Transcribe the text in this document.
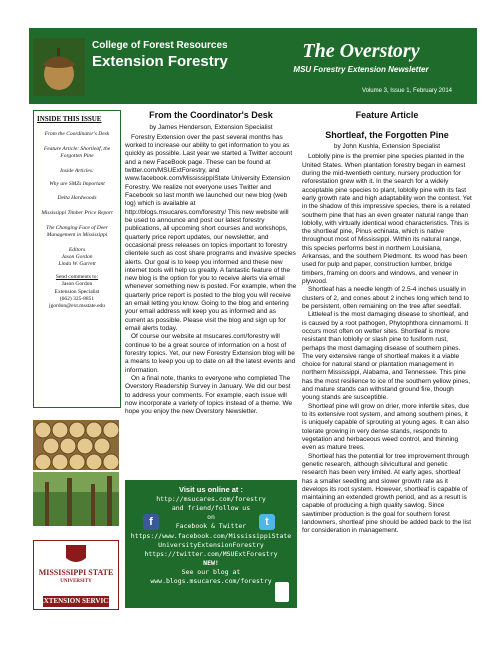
College of Forest Resources
Extension Forestry	The Overstory
MSU Forestry Extension Newsletter
Volume 3, Issue 1, February 2014
INSIDE THIS ISSUE
From the Coordinator's Desk
Feature Article: Shortleaf, the Forgotten Pine
Inside Articles:
Why are SMZs Important
Delta Hardwoods
Mississippi Timber Price Report
The Changing Face of Deer Management in Mississippi
Editors
Jason Gordon
Linda W. Garrett
Send comments to:
Jason Gordon
Extension Specialist
(662) 325-8851
jgordon@ext.msstate.edu
MISSISSIPPI STATE
UNIVERSITY
EXTENSION SERVICE
From the Coordinator's Desk
by James Henderson, Extension Specialist

Forestry Extension over the past several months has worked to increase our ability to get information to you as quickly as possible. Last year we started a Twitter account and a new FaceBook page. These can be found at twitter.com/MSUExtForestry, and www.facebook.com/MississippiState University Extension Forestry. We realize not everyone uses Twitter and Facebook so last month we launched our new blog (web log) which is available at http://blogs.msucares.com/forestry/ This new website will be used to announce and post our latest forestry publications, all upcoming short courses and workshops, quarterly price report updates, our newsletter, and occasional press releases on topics important to forestry clientele such as cost share programs and invasive species alerts. Our goal is to keep you informed and these new internet tools will help us greatly. A fantastic feature of the new blog is the option for you to receive alerts via email whenever something new is posted. For example, when the quarterly price report is posted to the blog you will receive an email letting you know. Going to the blog and entering your email address will keep you as informed and as current as possible. Please visit the blog and sign up for email alerts today.

Of course our website at msucares.com/forestry will continue to be a great source of information on a host of forestry topics. Yet, our new Forestry Extension blog will be a means to keep you up to date on all the latest events and information.

On a final note, thanks to everyone who completed The Overstory Readership Survey in January. We did our best to address your comments. For example, each issue will now incorporate a variety of topics instead of a theme. We hope you enjoy the new Overstory Newsletter.

Visit us online at :
http://msucares.com/forestry
and friend/follow us
on
Facebook & Twitter
https://www.facebook.com/MississippiState
UniversityExtensionForestry
https://twitter.com/MSUExtForestry
NEW!
See our blog at
www.blogs.msucares.com/forestry
f	t
Feature Article
Shortleaf, the Forgotten Pine
by John Kushla, Extension Specialist

Loblolly pine is the premier pine species planted in the United States. When plantation forestry began in earnest during the mid-twentieth century, nursery production for reforestation grew with it. In the search for a widely acceptable pine species to plant, loblolly pine with its fast early growth rate and high adaptability won the contest. Yet in the shadow of this impressive species, there is a related southern pine that has an even greater natural range than loblolly, with virtually identical wood characteristics. This is the shortleaf pine, Pinus echinata, which is native throughout most of Mississippi. Within its natural range, this species performs best in northern Louisiana, Arkansas, and the southern Piedmont. Its wood has been used for pulp and paper, construction lumber, bridge timbers, framing on doors and windows, and veneer in plywood.

Shortleaf has a needle length of 2.5-4 inches usually in clusters of 2, and cones about 2 inches long which tend to be persistent, often remaining on the tree after seedfall.

Littleleaf is the most damaging disease to shortleaf, and is caused by a root pathogen, Phytophthora cinnamomi. It occurs most often on wetter sites. Shortleaf is more resistant than loblolly or slash pine to fusiform rust, perhaps the most damaging disease of southern pines. The very extensive range of shortleaf makes it a viable choice for natural stand or plantation management in northern Mississippi, Alabama, and Tennessee. This pine has the most resilience to ice of the southern yellow pines, and mature stands can withstand ground fire, though young stands are susceptible.

Shortleaf pine will grow on drier, more infertile sites, due to its extensive root system, and among southern pines, it is uniquely capable of sprouting at young ages. It can also tolerate growing in very dense stands, responds to vegetation and herbaceous weed control, and thinning even as mature trees.

Shortleaf has the potential for tree improvement through genetic research, although silvicultural and genetic research has been very limited. At early ages, shortleaf has a smaller seedling and slower growth rate as it develops its root system. However, shortleaf is capable of maintaining an extended growth period, and as a result is capable of producing a high quality sawlog. Since sawtimber production is the goal for southern forest landowners, shortleaf pine should be added back to the list for consideration in management.
